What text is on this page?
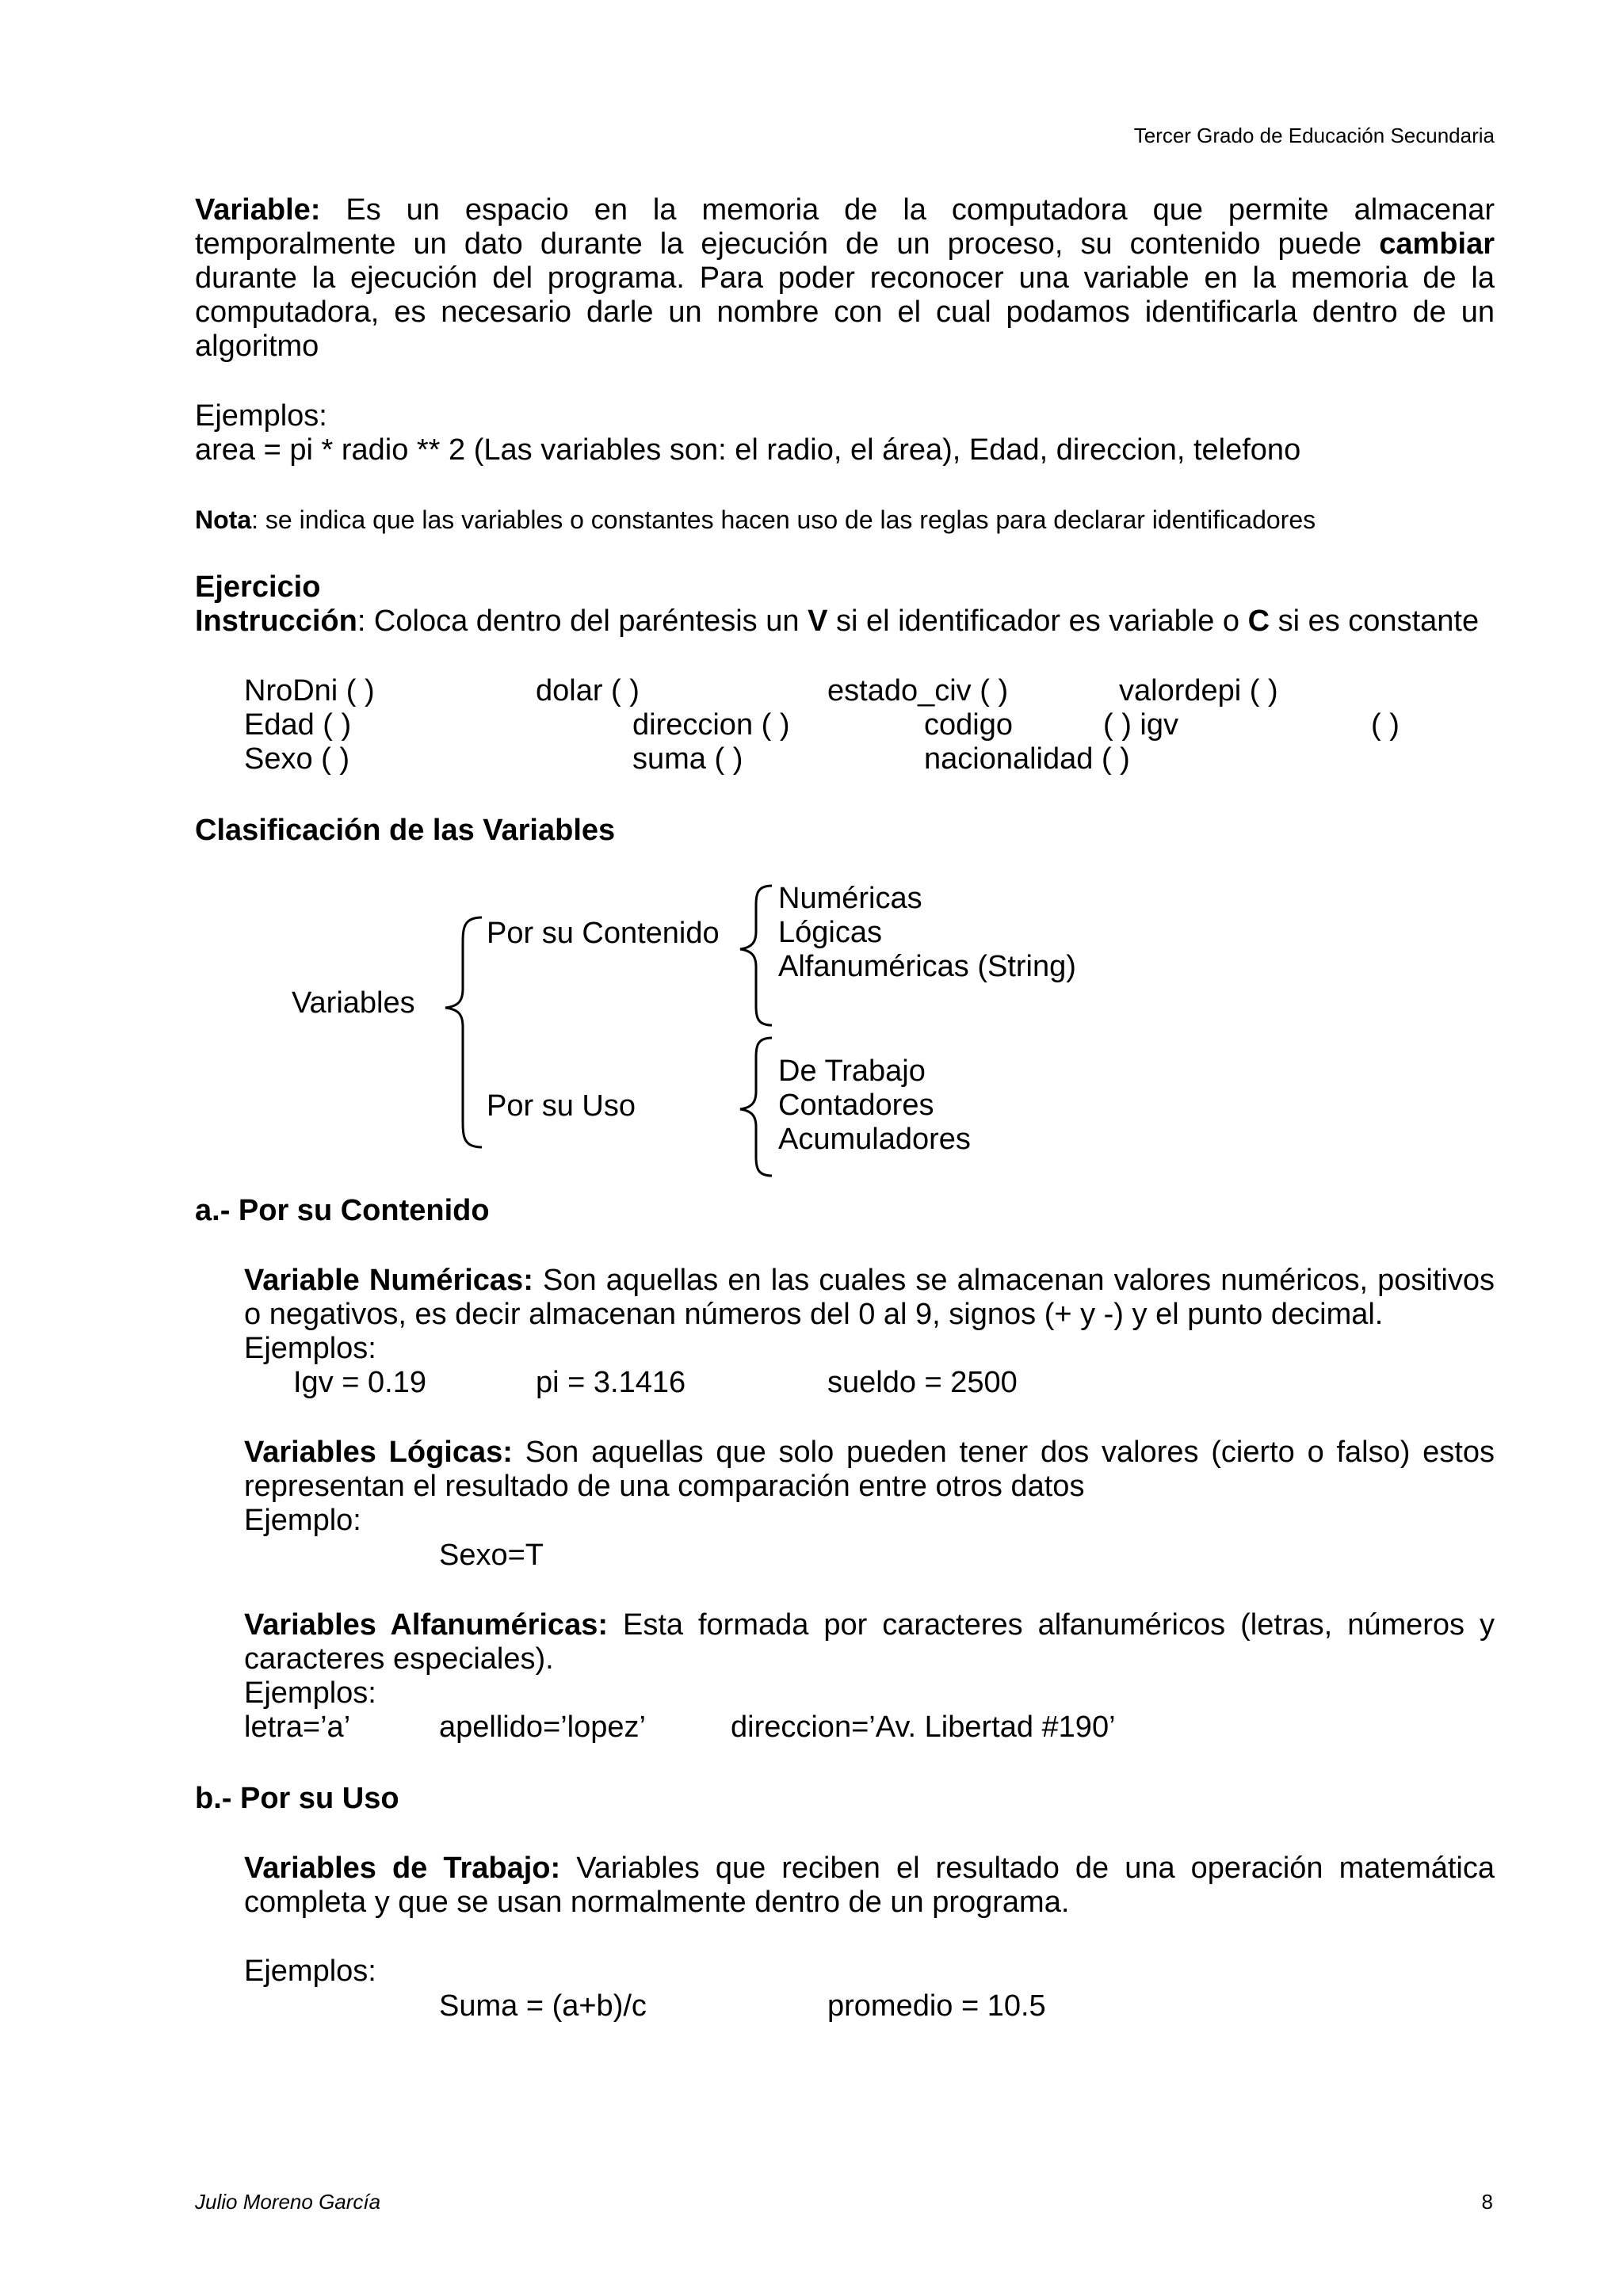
Tercer Grado de Educación Secundaria
Variable: Es un espacio en la memoria de la computadora que permite almacenar
temporalmente un dato durante la ejecución de un proceso, su contenido puede cambiar
durante la ejecución del programa. Para poder reconocer una variable en la memoria de la
computadora, es necesario darle un nombre con el cual podamos identificarla dentro de un
algoritmo
Ejemplos:
area = pi * radio ** 2 (Las variables son: el radio, el área), Edad, direccion, telefono
Nota: se indica que las variables o constantes hacen uso de las reglas para declarar identificadores
Ejercicio
Instrucción: Coloca dentro del paréntesis un V si el identificador es variable o C si es constante
NroDni ( )	dolar ( )	estado_civ ( )	valordepi ( )
Edad ( )	direccion ( )	codigo	( ) igv	( )
Sexo ( )	suma ( )	nacionalidad ( )
Clasificación de las Variables
Variables
Por su Contenido
Por su Uso
Numéricas
Lógicas
Alfanuméricas (String)
De Trabajo
Contadores
Acumuladores
a.- Por su Contenido
Variable Numéricas: Son aquellas en las cuales se almacenan valores numéricos, positivos
o negativos, es decir almacenan números del 0 al 9, signos (+ y -) y el punto decimal.
Ejemplos:
Igv = 0.19	pi = 3.1416	sueldo = 2500
Variables Lógicas: Son aquellas que solo pueden tener dos valores (cierto o falso) estos
representan el resultado de una comparación entre otros datos
Ejemplo:
Sexo=T
Variables Alfanuméricas: Esta formada por caracteres alfanuméricos (letras, números y
caracteres especiales).
Ejemplos:
letra=’a’	apellido=’lopez’	direccion=’Av. Libertad #190’
b.- Por su Uso
Variables de Trabajo: Variables que reciben el resultado de una operación matemática
completa y que se usan normalmente dentro de un programa.
Ejemplos:
Suma = (a+b)/c	promedio = 10.5
Julio Moreno García	8
